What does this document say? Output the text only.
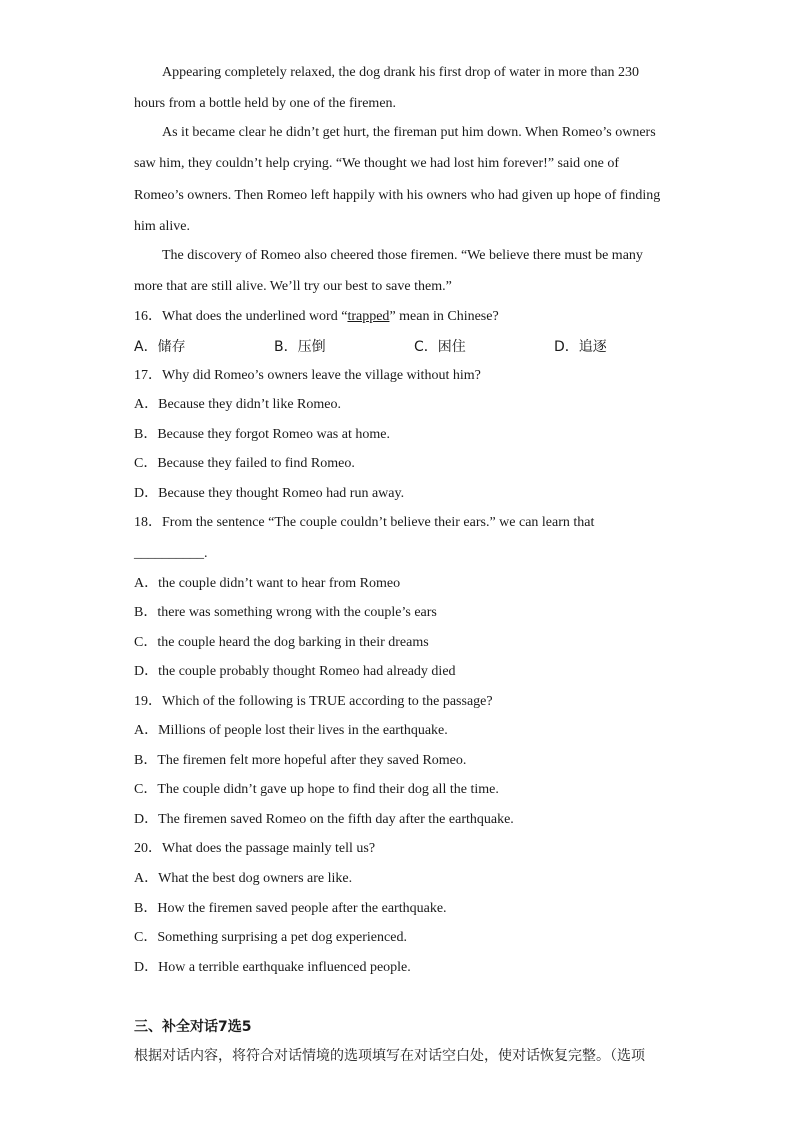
Appearing completely relaxed, the dog drank his first drop of water in more than 230
hours from a bottle held by one of the firemen.
As it became clear he didn’t get hurt, the fireman put him down. When Romeo’s owners
saw him, they couldn’t help crying. “We thought we had lost him forever!” said one of
Romeo’s owners. Then Romeo left happily with his owners who had given up hope of finding
him alive.
The discovery of Romeo also cheered those firemen. “We believe there must be many
more that are still alive. We’ll try our best to save them.”
16．What does the underlined word “trapped” mean in Chinese?
A．储存	B．压倒	C．困住	D．追逐
17．Why did Romeo’s owners leave the village without him?
A．Because they didn’t like Romeo.
B．Because they forgot Romeo was at home.
C．Because they failed to find Romeo.
D．Because they thought Romeo had run away.
18．From the sentence “The couple couldn’t believe their ears.” we can learn that
__________.
A．the couple didn’t want to hear from Romeo
B．there was something wrong with the couple’s ears
C．the couple heard the dog barking in their dreams
D．the couple probably thought Romeo had already died
19．Which of the following is TRUE according to the passage?
A．Millions of people lost their lives in the earthquake.
B．The firemen felt more hopeful after they saved Romeo.
C．The couple didn’t gave up hope to find their dog all the time.
D．The firemen saved Romeo on the fifth day after the earthquake.
20．What does the passage mainly tell us?
A．What the best dog owners are like.
B．How the firemen saved people after the earthquake.
C．Something surprising a pet dog experienced.
D．How a terrible earthquake influenced people.
三、补全对话7选5
根据对话内容，将符合对话情境的选项填写在对话空白处，使对话恢复完整。（选项
